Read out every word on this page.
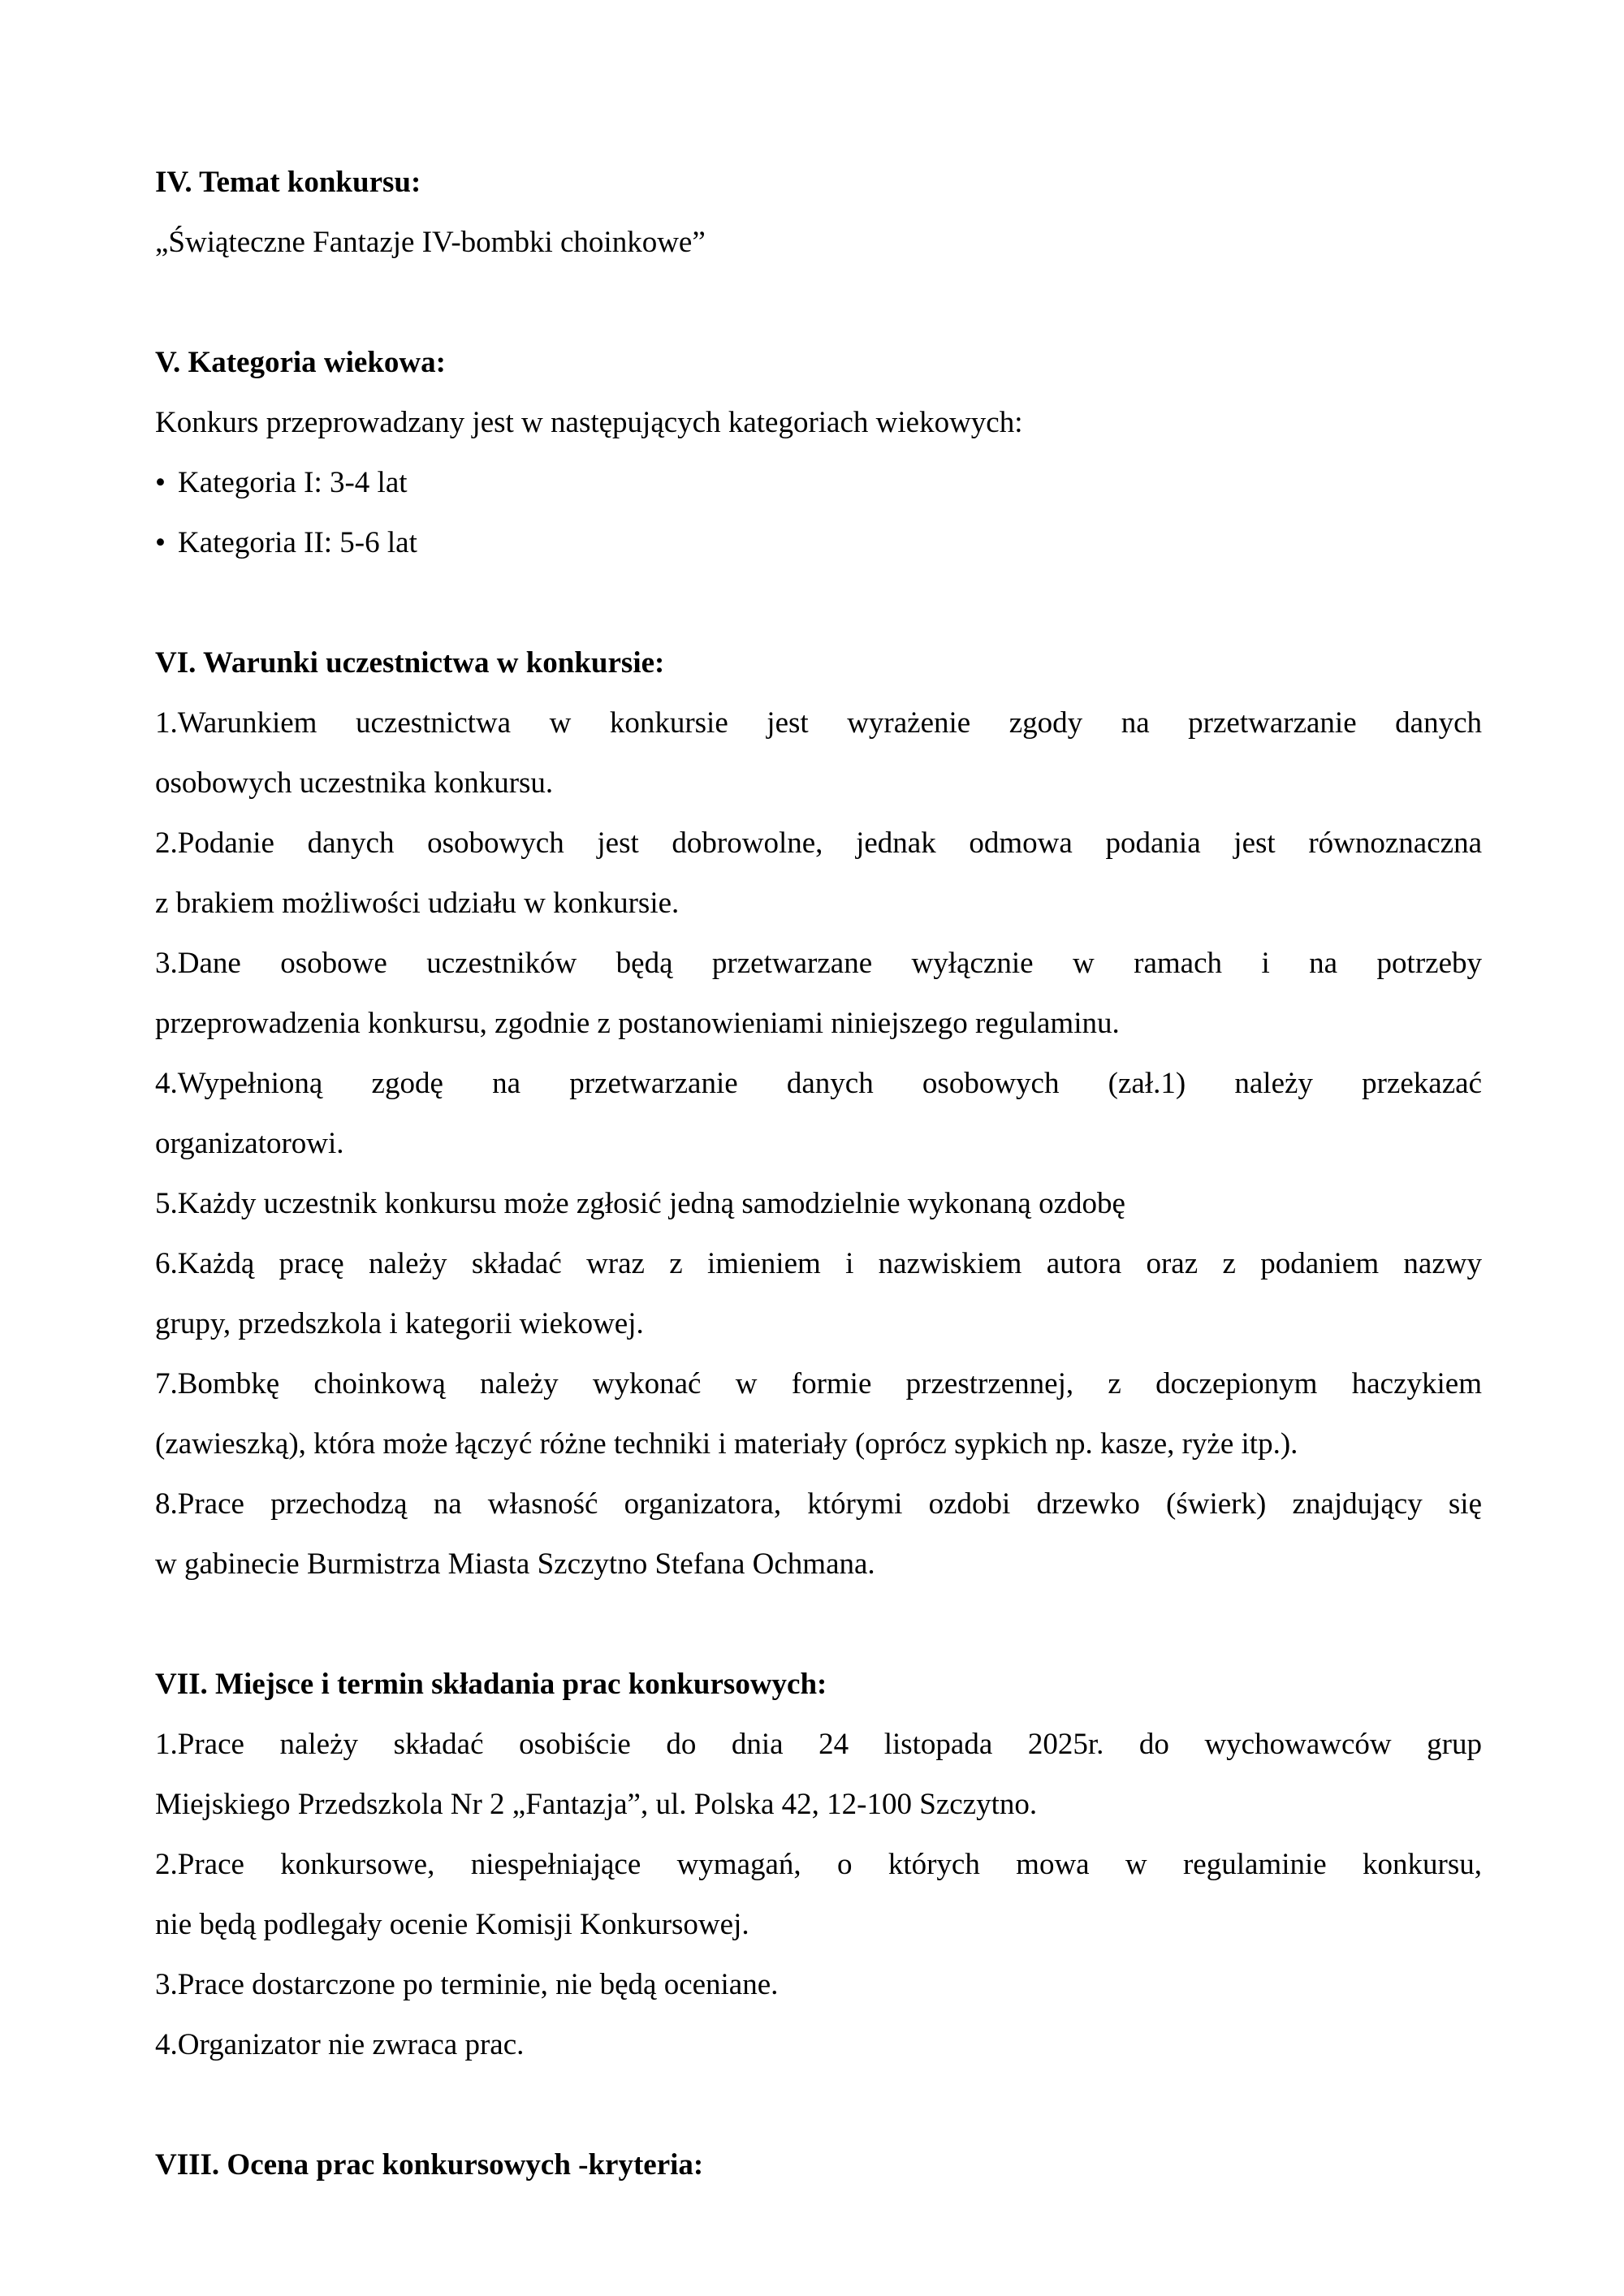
IV. Temat konkursu:
„Świąteczne Fantazje IV-bombki choinkowe”
V. Kategoria wiekowa:
Konkurs przeprowadzany jest w następujących kategoriach wiekowych:
• Kategoria I: 3-4 lat
• Kategoria II: 5-6 lat
VI. Warunki uczestnictwa w konkursie:
1.Warunkiem uczestnictwa w konkursie jest wyrażenie zgody na przetwarzanie danych
osobowych uczestnika konkursu.
2.Podanie danych osobowych jest dobrowolne, jednak odmowa podania jest równoznaczna
z brakiem możliwości udziału w konkursie.
3.Dane osobowe uczestników będą przetwarzane wyłącznie w ramach i na potrzeby
przeprowadzenia konkursu, zgodnie z postanowieniami niniejszego regulaminu.
4.Wypełnioną zgodę na przetwarzanie danych osobowych (zał.1) należy przekazać
organizatorowi.
5.Każdy uczestnik konkursu może zgłosić jedną samodzielnie wykonaną ozdobę
6.Każdą pracę należy składać wraz z imieniem i nazwiskiem autora oraz z podaniem nazwy
grupy, przedszkola i kategorii wiekowej.
7.Bombkę choinkową należy wykonać w formie przestrzennej, z doczepionym haczykiem
(zawieszką), która może łączyć różne techniki i materiały (oprócz sypkich np. kasze, ryże itp.).
8.Prace przechodzą na własność organizatora, którymi ozdobi drzewko (świerk) znajdujący się
w gabinecie Burmistrza Miasta Szczytno Stefana Ochmana.
VII. Miejsce i termin składania prac konkursowych:
1.Prace należy składać osobiście do dnia 24 listopada 2025r. do wychowawców grup
Miejskiego Przedszkola Nr 2 „Fantazja”, ul. Polska 42, 12-100 Szczytno.
2.Prace konkursowe, niespełniające wymagań, o których mowa w regulaminie konkursu,
nie będą podlegały ocenie Komisji Konkursowej.
3.Prace dostarczone po terminie, nie będą oceniane.
4.Organizator nie zwraca prac.
VIII. Ocena prac konkursowych -kryteria:
